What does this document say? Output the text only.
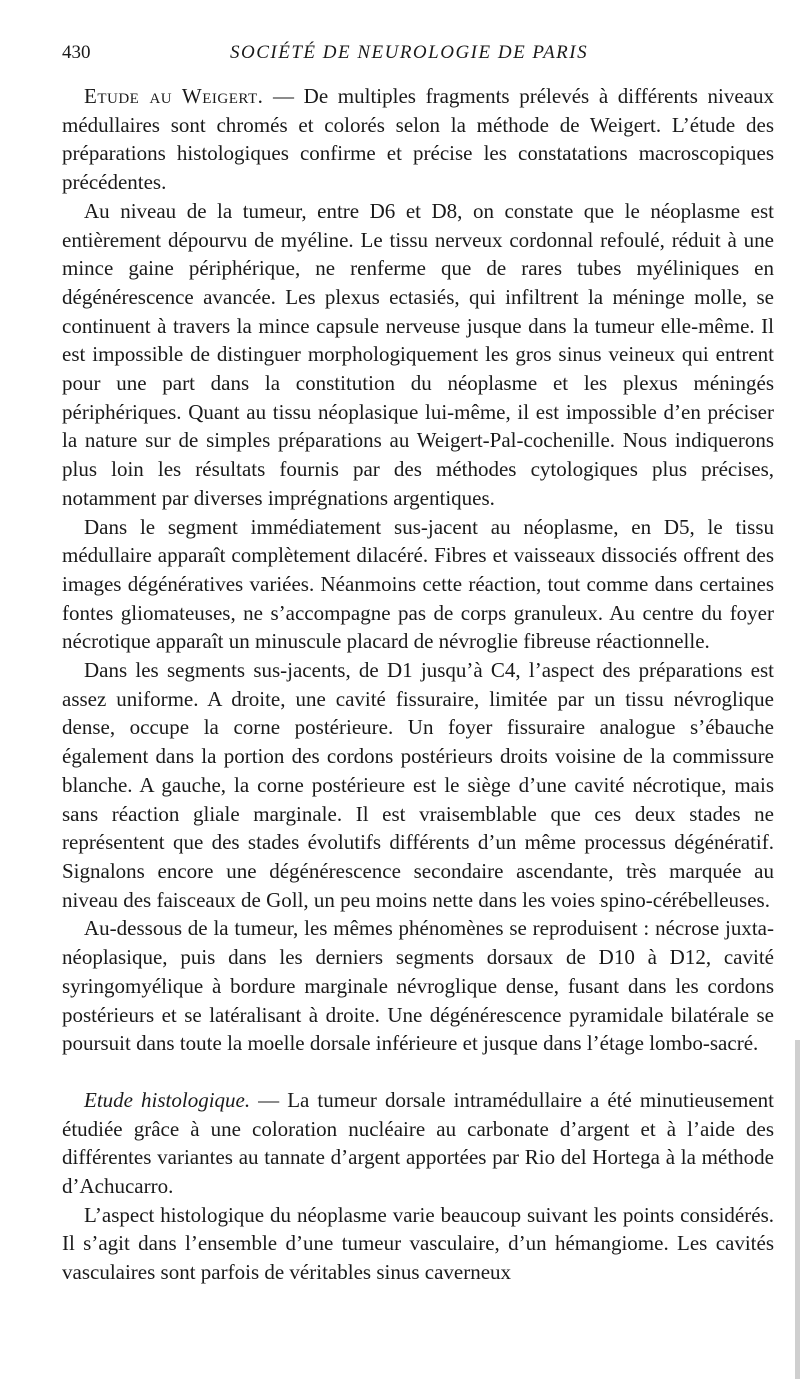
430	SOCIÉTÉ DE NEUROLOGIE DE PARIS

Etude au Weigert. — De multiples fragments prélevés à différents niveaux médullaires sont chromés et colorés selon la méthode de Weigert. L’étude des préparations histologiques confirme et précise les constatations macroscopiques précédentes.

Au niveau de la tumeur, entre D6 et D8, on constate que le néoplasme est entièrement dépourvu de myéline. Le tissu nerveux cordonnal refoulé, réduit à une mince gaine périphérique, ne renferme que de rares tubes myéliniques en dégénérescence avancée. Les plexus ectasiés, qui infiltrent la méninge molle, se continuent à travers la mince capsule nerveuse jusque dans la tumeur elle-même. Il est impossible de distinguer morphologiquement les gros sinus veineux qui entrent pour une part dans la constitution du néoplasme et les plexus méningés périphériques. Quant au tissu néoplasique lui-même, il est impossible d’en préciser la nature sur de simples préparations au Weigert-Pal-cochenille. Nous indiquerons plus loin les résultats fournis par des méthodes cytologiques plus précises, notamment par diverses imprégnations argentiques.

Dans le segment immédiatement sus-jacent au néoplasme, en D5, le tissu médullaire apparaît complètement dilacéré. Fibres et vaisseaux dissociés offrent des images dégénératives variées. Néanmoins cette réaction, tout comme dans certaines fontes gliomateuses, ne s’accompagne pas de corps granuleux. Au centre du foyer nécrotique apparaît un minuscule placard de névroglie fibreuse réactionnelle.

Dans les segments sus-jacents, de D1 jusqu’à C4, l’aspect des préparations est assez uniforme. A droite, une cavité fissuraire, limitée par un tissu névroglique dense, occupe la corne postérieure. Un foyer fissuraire analogue s’ébauche également dans la portion des cordons postérieurs droits voisine de la commissure blanche. A gauche, la corne postérieure est le siège d’une cavité nécrotique, mais sans réaction gliale marginale. Il est vraisemblable que ces deux stades ne représentent que des stades évolutifs différents d’un même processus dégénératif. Signalons encore une dégénérescence secondaire ascendante, très marquée au niveau des faisceaux de Goll, un peu moins nette dans les voies spino-cérébelleuses.

Au-dessous de la tumeur, les mêmes phénomènes se reproduisent : nécrose juxta-néoplasique, puis dans les derniers segments dorsaux de D10 à D12, cavité syringomyélique à bordure marginale névroglique dense, fusant dans les cordons postérieurs et se latéralisant à droite. Une dégénérescence pyramidale bilatérale se poursuit dans toute la moelle dorsale inférieure et jusque dans l’étage lombo-sacré.

Etude histologique. — La tumeur dorsale intramédullaire a été minutieusement étudiée grâce à une coloration nucléaire au carbonate d’argent et à l’aide des différentes variantes au tannate d’argent apportées par Rio del Hortega à la méthode d’Achucarro.

L’aspect histologique du néoplasme varie beaucoup suivant les points considérés. Il s’agit dans l’ensemble d’une tumeur vasculaire, d’un hémangiome. Les cavités vasculaires sont parfois de véritables sinus caverneux
